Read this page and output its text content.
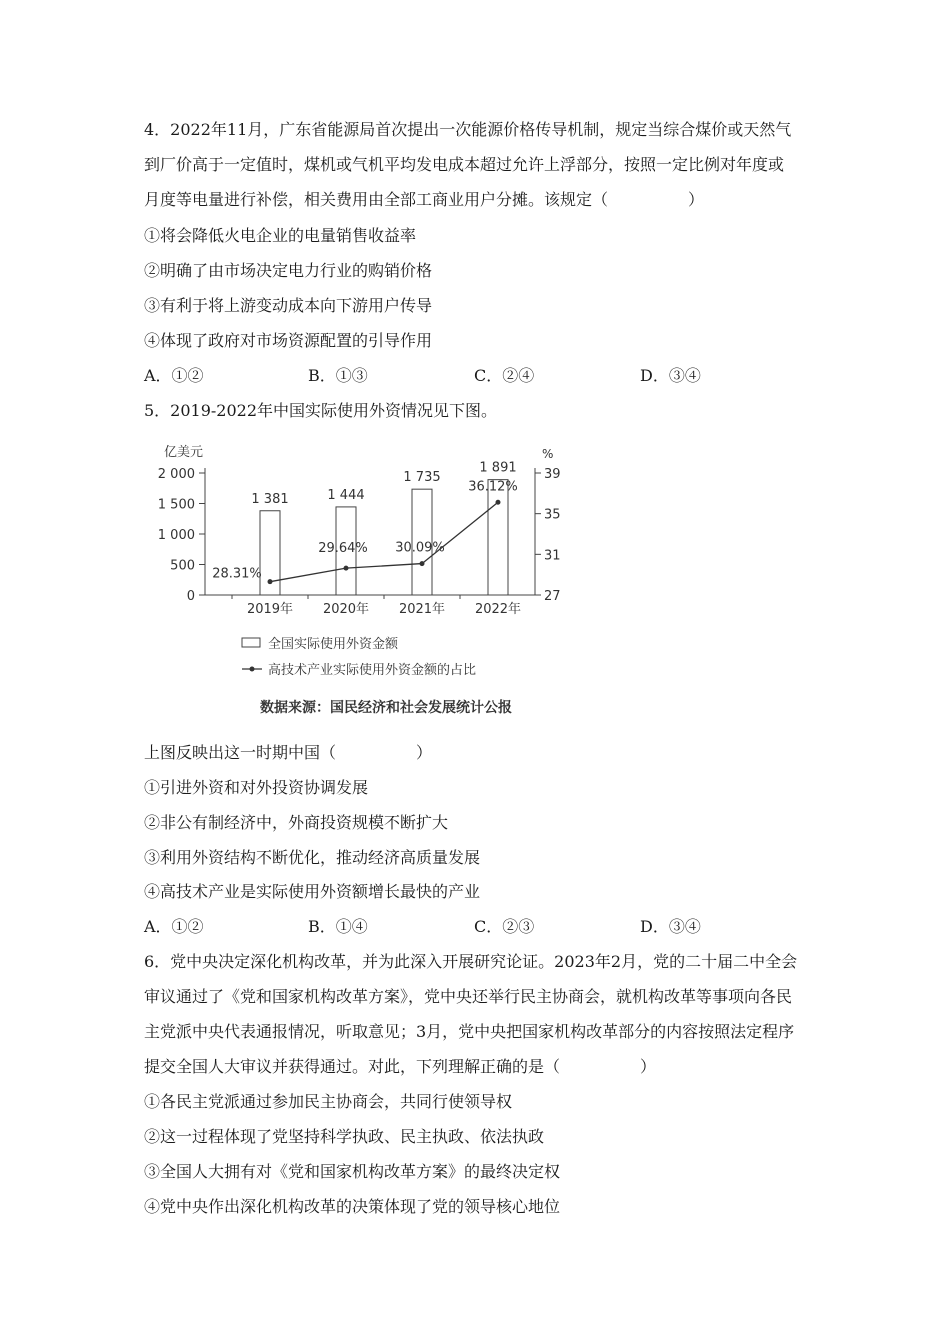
4．2022年11月，广东省能源局首次提出一次能源价格传导机制，规定当综合煤价或天然气
到厂价高于一定值时，煤机或气机平均发电成本超过允许上浮部分，按照一定比例对年度或
月度等电量进行补偿，相关费用由全部工商业用户分摊。该规定（　　　　　）
①将会降低火电企业的电量销售收益率
②明确了由市场决定电力行业的购销价格
③有利于将上游变动成本向下游用户传导
④体现了政府对市场资源配置的引导作用
A．①②	B．①③	C．②④	D．③④
5．2019-2022年中国实际使用外资情况见下图。
亿美元	%
0
500
1 000
1 500
2 000
27
31
35
39
1 381	1 444
1 735
1 891
2019年 2020年 2021年 2022年
28.31%
29.64% 30.09%
36.12%
全国实际使用外资金额
高技术产业实际使用外资金额的占比
数据来源：国民经济和社会发展统计公报
上图反映出这一时期中国（　　　　　）
①引进外资和对外投资协调发展
②非公有制经济中，外商投资规模不断扩大
③利用外资结构不断优化，推动经济高质量发展
④高技术产业是实际使用外资额增长最快的产业
A．①②	B．①④	C．②③	D．③④
6．党中央决定深化机构改革，并为此深入开展研究论证。2023年2月，党的二十届二中全会
审议通过了《党和国家机构改革方案》，党中央还举行民主协商会，就机构改革等事项向各民
主党派中央代表通报情况，听取意见；3月，党中央把国家机构改革部分的内容按照法定程序
提交全国人大审议并获得通过。对此，下列理解正确的是（　　　　　）
①各民主党派通过参加民主协商会，共同行使领导权
②这一过程体现了党坚持科学执政、民主执政、依法执政
③全国人大拥有对《党和国家机构改革方案》的最终决定权
④党中央作出深化机构改革的决策体现了党的领导核心地位
